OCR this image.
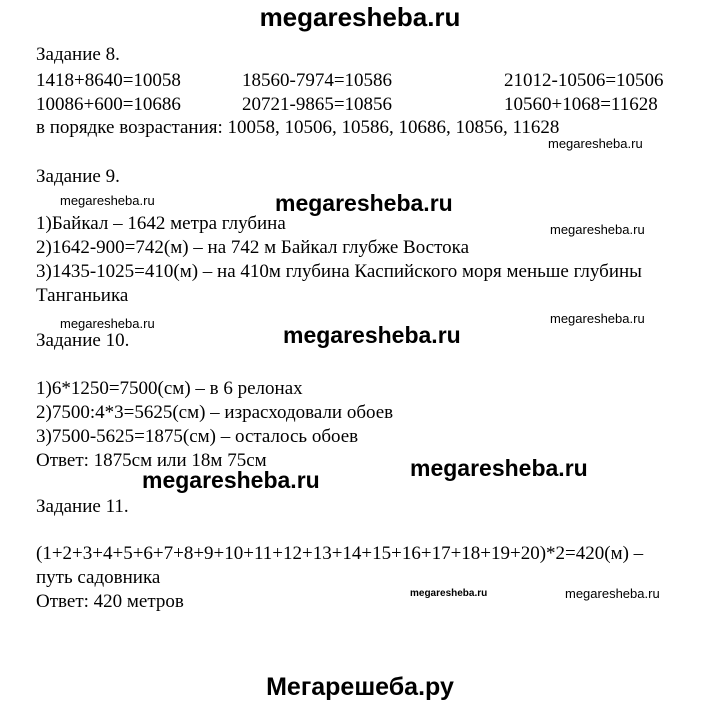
megaresheba.ru
Задание 8.
1418+8640=10058	18560-7974=10586	21012-10506=10506
10086+600=10686	20721-9865=10856	10560+1068=11628
в порядке возрастания: 10058, 10506, 10586, 10686, 10856, 11628
megaresheba.ru
Задание 9.
megaresheba.ru	megaresheba.ru
1)Байкал – 1642 метра глубина	megaresheba.ru
2)1642-900=742(м) – на 742 м Байкал глубже Востока
3)1435-1025=410(м) – на 410м глубина Каспийского моря меньше глубины
Танганьика
megaresheba.ru	megaresheba.ru
megaresheba.ru
Задание 10.
1)6*1250=7500(см) – в 6 релонах
2)7500:4*3=5625(см) – израсходовали обоев
3)7500-5625=1875(см) – осталось обоев
Ответ: 1875см или 18м 75см	megaresheba.ru
megaresheba.ru
Задание 11.
(1+2+3+4+5+6+7+8+9+10+11+12+13+14+15+16+17+18+19+20)*2=420(м) –
путь садовника
Ответ: 420 метров	megaresheba.ru	megaresheba.ru
Мегарешеба.ру
